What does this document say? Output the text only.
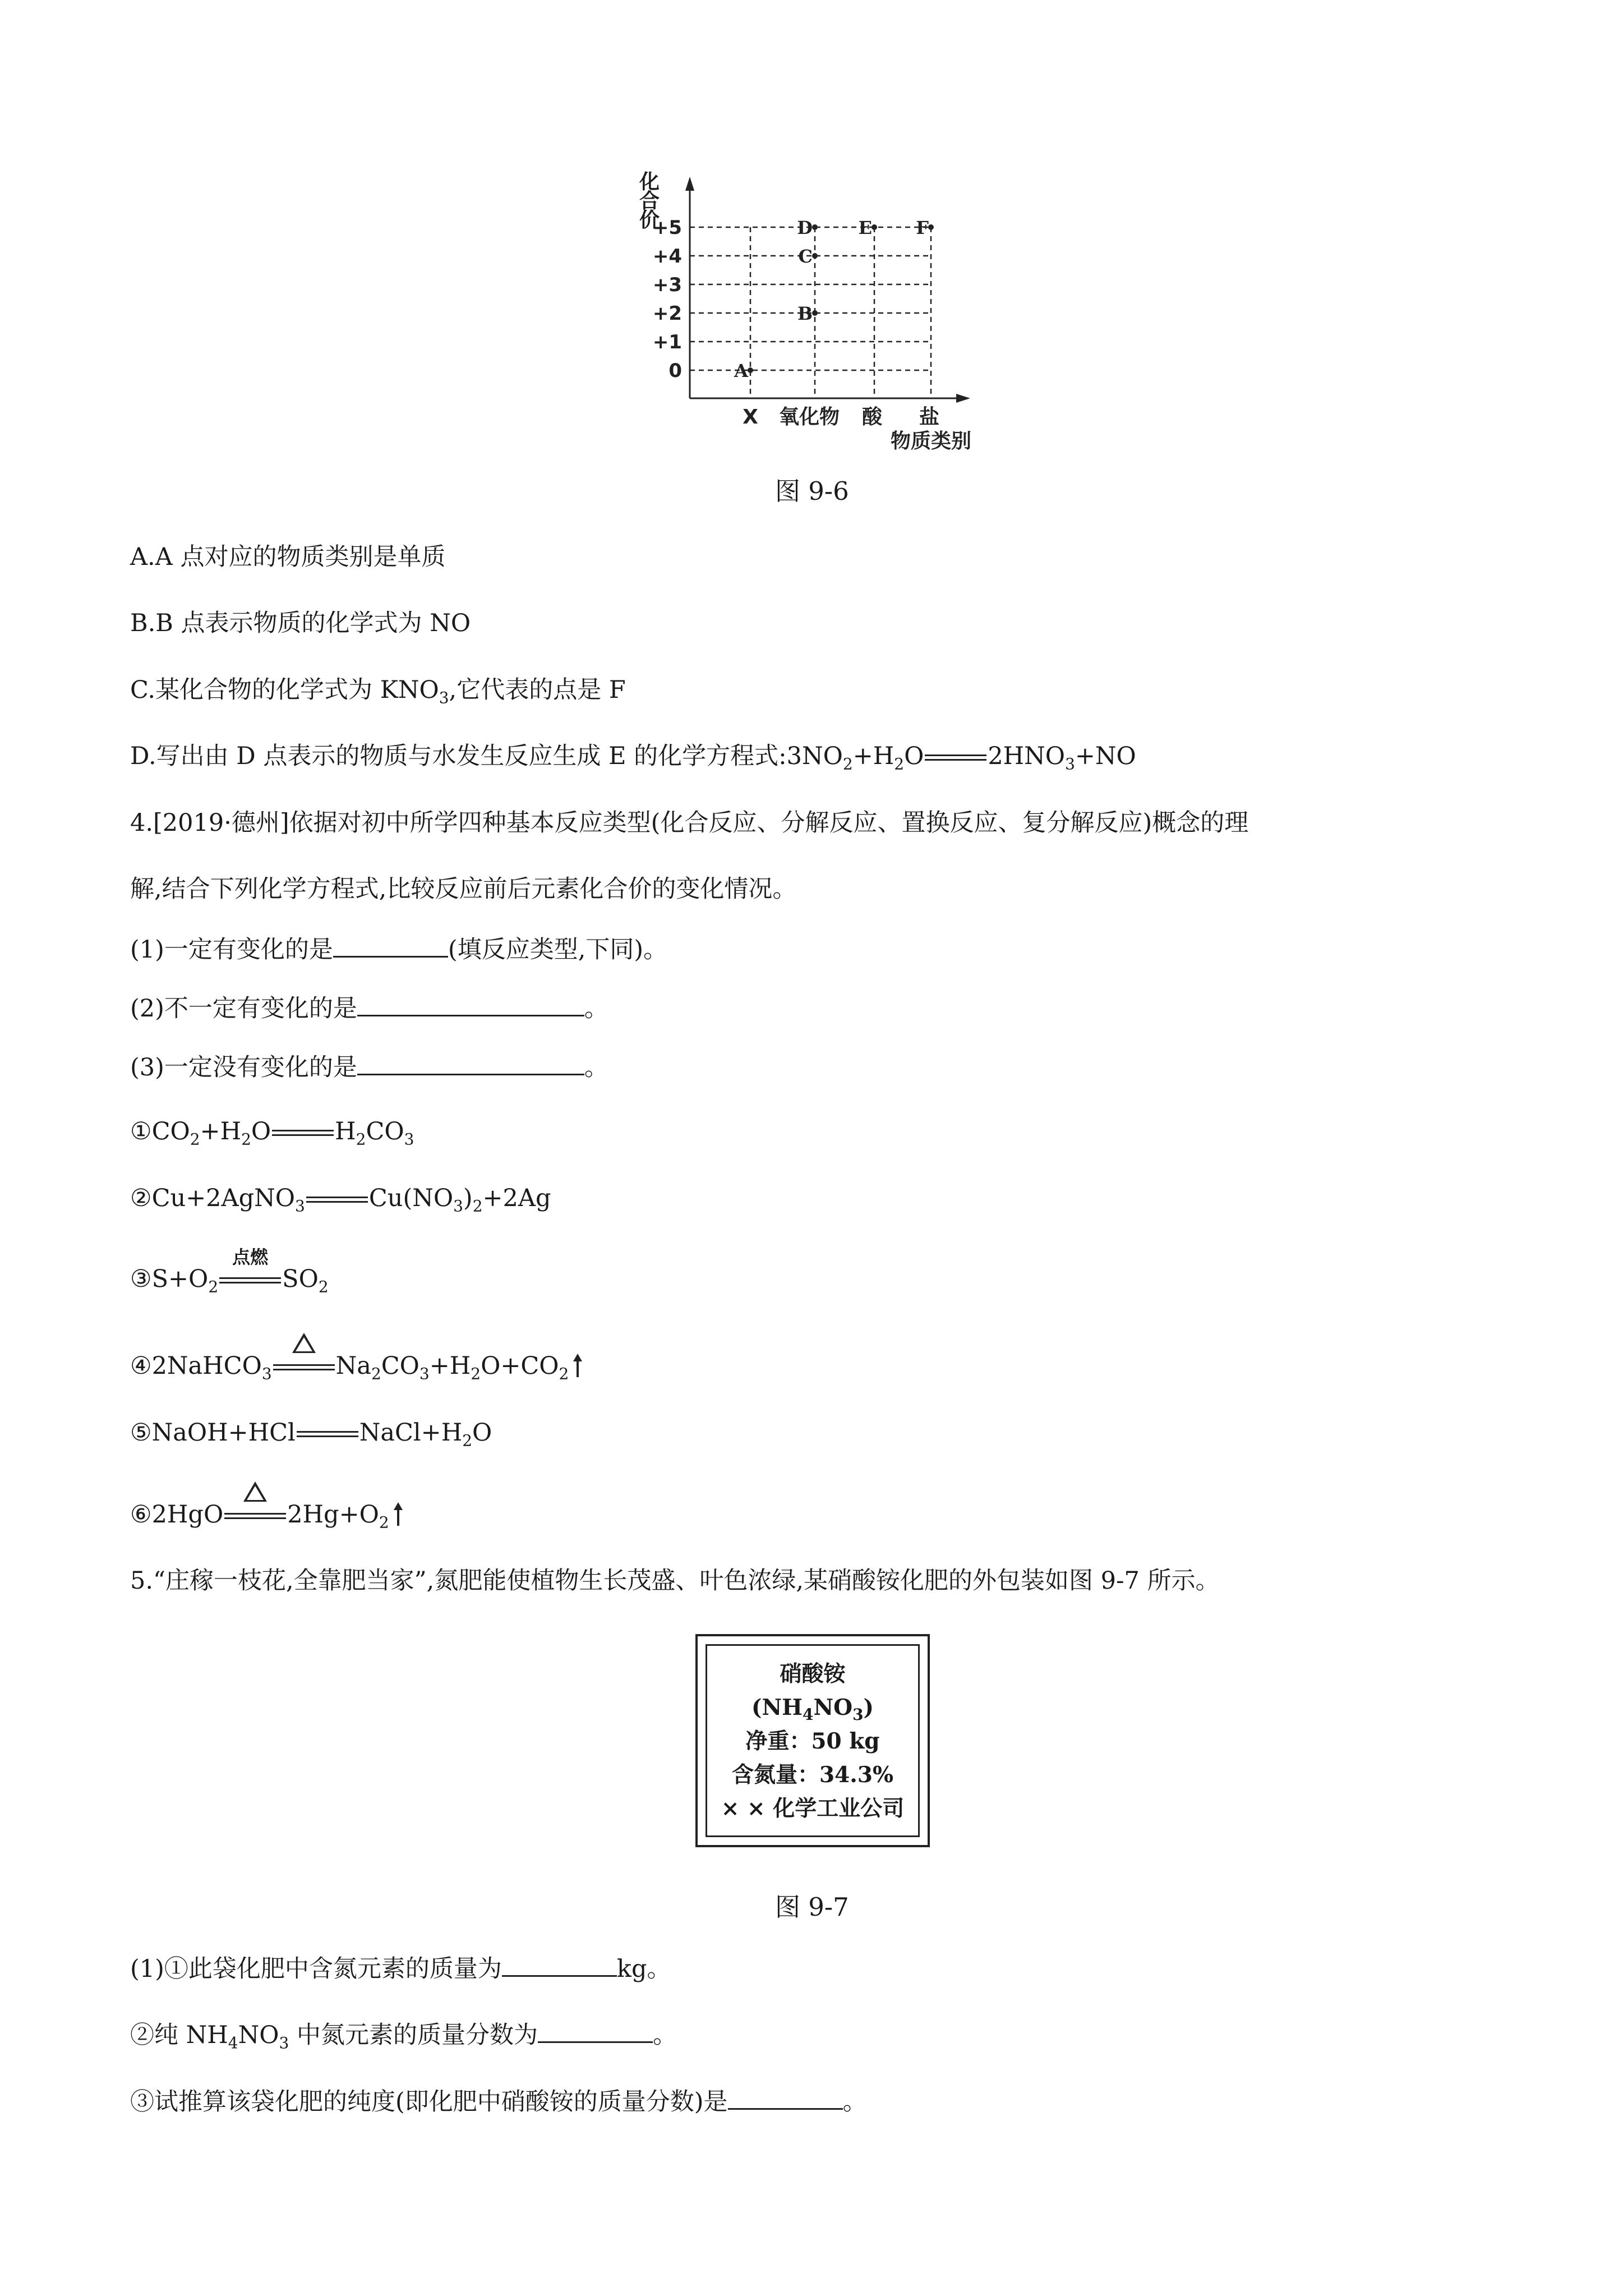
A
B
C
D	E F
+5
+4
+3
+2
+1
0
X 氧化物 酸 盐
物质类别
化
合
价
图 9-6
A.A 点对应的物质类别是单质
B.B 点表示物质的化学式为 NO
C.某化合物的化学式为 $KNO_3$,它代表的点是 F
D.写出由 D 点表示的物质与水发生反应生成 E 的化学方程式$:3NO_2+H_2O$	$2HNO_3+NO$
4.[2019·德州]依据对初中所学四种基本反应类型(化合反应、分解反应、置换反应、复分解反应)概念的理
解,结合下列化学方程式,比较反应前后元素化合价的变化情况。
(1)一定有变化的是	(填反应类型,下同)。
(2)不一定有变化的是	。
(3)一定没有变化的是	。
$①CO_2+H_2O$	$H_2CO_3$
②Cu+2AgNO$_3$	$Cu(NO_3)_2+2Ag$
$③S+O_2$
点燃
$SO_2$
④2NaHCO$_3$	$Na_2CO_3+H_2O+CO_2$
⑤NaOH+HCl	$NaCl+H_2O$
⑥2HgO	$2Hg+O_2$
5.“庄稼一枝花,全靠肥当家”,氮肥能使植物生长茂盛、叶色浓绿,某硝酸铵化肥的外包装如图 9-7 所示。
硝酸铵
$(NH_4NO_3)$
净重：50 kg
含氮量：34.3%
× × 化学工业公司
图 9-7
(1)①此袋化肥中含氮元素的质量为	kg。
②纯 $NH_4NO_3$ 中氮元素的质量分数为	。
③试推算该袋化肥的纯度(即化肥中硝酸铵的质量分数)是	。
